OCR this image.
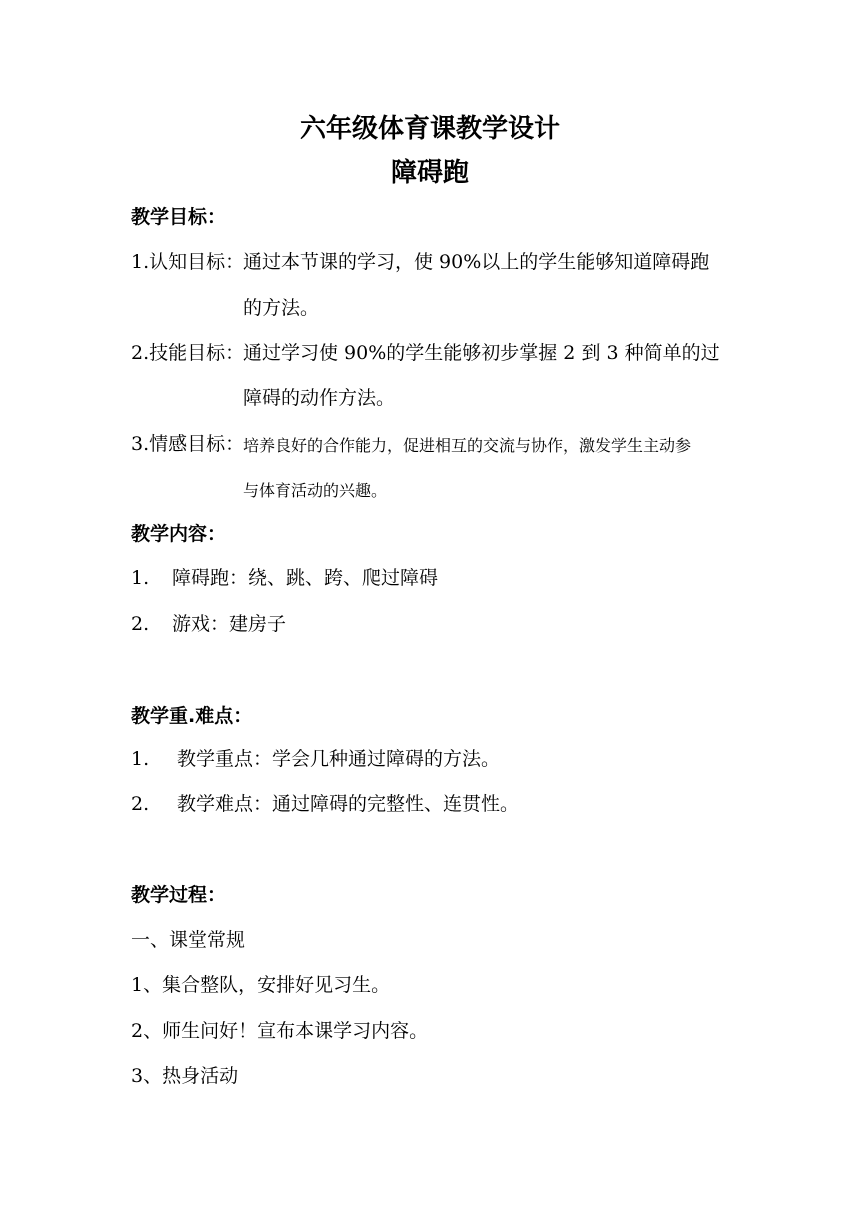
六年级体育课教学设计
障碍跑
教学目标：
1.认知目标：
通过本节课的学习，使 90%以上的学生能够知道障碍跑
的方法。
2.技能目标：
通过学习使 90%的学生能够初步掌握 2 到 3 种简单的过
障碍的动作方法。
3.情感目标：
培养良好的合作能力，促进相互的交流与协作，激发学生主动参
与体育活动的兴趣。
教学内容：
1. 障碍跑：绕、跳、跨、爬过障碍
2. 游戏：建房子
教学重.难点：
1. 教学重点：学会几种通过障碍的方法。
2. 教学难点：通过障碍的完整性、连贯性。
教学过程：
一、课堂常规
1、集合整队，安排好见习生。
2、师生问好！宣布本课学习内容。
3、热身活动
